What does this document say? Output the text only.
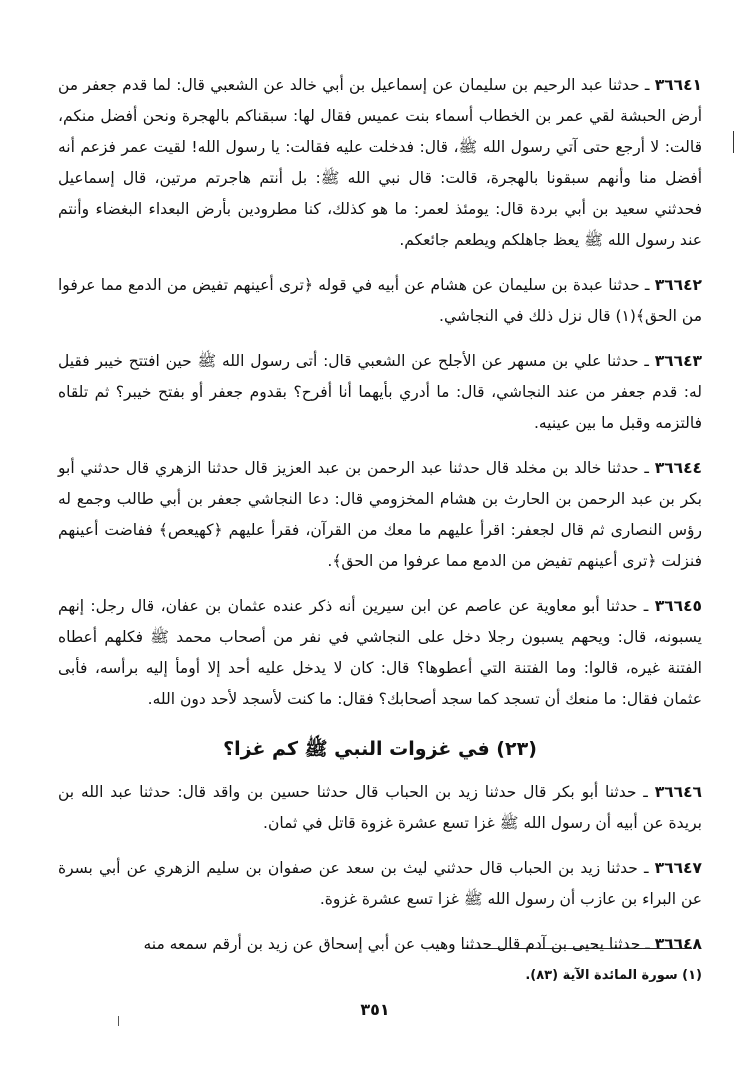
٣٦٦٤١ ـ حدثنا عبد الرحيم بن سليمان عن إسماعيل بن أبي خالد عن الشعبي قال: لما قدم جعفر من أرض الحبشة لقي عمر بن الخطاب أسماء بنت عميس فقال لها: سبقناكم بالهجرة ونحن أفضل منكم، قالت: لا أرجع حتى آتي رسول الله ﷺ، قال: فدخلت عليه فقالت: يا رسول الله! لقيت عمر فزعم أنه أفضل منا وأنهم سبقونا بالهجرة، قالت: قال نبي الله ﷺ: بل أنتم هاجرتم مرتين، قال إسماعيل فحدثني سعيد بن أبي بردة قال: يومئذ لعمر: ما هو كذلك، كنا مطرودين بأرض البعداء البغضاء وأنتم عند رسول الله ﷺ يعظ جاهلكم ويطعم جائعكم.

٣٦٦٤٢ ـ حدثنا عبدة بن سليمان عن هشام عن أبيه في قوله ﴿ترى أعينهم تفيض من الدمع مما عرفوا من الحق﴾(١) قال نزل ذلك في النجاشي.

٣٦٦٤٣ ـ حدثنا علي بن مسهر عن الأجلح عن الشعبي قال: أتى رسول الله ﷺ حين افتتح خيبر فقيل له: قدم جعفر من عند النجاشي، قال: ما أدري بأيهما أنا أفرح؟ بقدوم جعفر أو بفتح خيبر؟ ثم تلقاه فالتزمه وقبل ما بين عينيه.

٣٦٦٤٤ ـ حدثنا خالد بن مخلد قال حدثنا عبد الرحمن بن عبد العزيز قال حدثنا الزهري قال حدثني أبو بكر بن عبد الرحمن بن الحارث بن هشام المخزومي قال: دعا النجاشي جعفر بن أبي طالب وجمع له رؤس النصارى ثم قال لجعفر: اقرأ عليهم ما معك من القرآن، فقرأ عليهم ﴿كهيعص﴾ ففاضت أعينهم فنزلت ﴿ترى أعينهم تفيض من الدمع مما عرفوا من الحق﴾.

٣٦٦٤٥ ـ حدثنا أبو معاوية عن عاصم عن ابن سيرين أنه ذكر عنده عثمان بن عفان، قال رجل: إنهم يسبونه، قال: ويحهم يسبون رجلا دخل على النجاشي في نفر من أصحاب محمد ﷺ فكلهم أعطاه الفتنة غيره، قالوا: وما الفتنة التي أعطوها؟ قال: كان لا يدخل عليه أحد إلا أومأ إليه برأسه، فأبى عثمان فقال: ما منعك أن تسجد كما سجد أصحابك؟ فقال: ما كنت لأسجد لأحد دون الله.

(٢٣) في غزوات النبي ﷺ كم غزا؟

٣٦٦٤٦ ـ حدثنا أبو بكر قال حدثنا زيد بن الحباب قال حدثنا حسين بن واقد قال: حدثنا عبد الله بن بريدة عن أبيه أن رسول الله ﷺ غزا تسع عشرة غزوة قاتل في ثمان.

٣٦٦٤٧ ـ حدثنا زيد بن الحباب قال حدثني ليث بن سعد عن صفوان بن سليم الزهري عن أبي بسرة عن البراء بن عازب أن رسول الله ﷺ غزا تسع عشرة غزوة.

٣٦٦٤٨ ـ حدثنا يحيى بن آدم قال حدثنا وهيب عن أبي إسحاق عن زيد بن أرقم سمعه منه

(١) سورة المائدة الآية (٨٣).
٣٥١
